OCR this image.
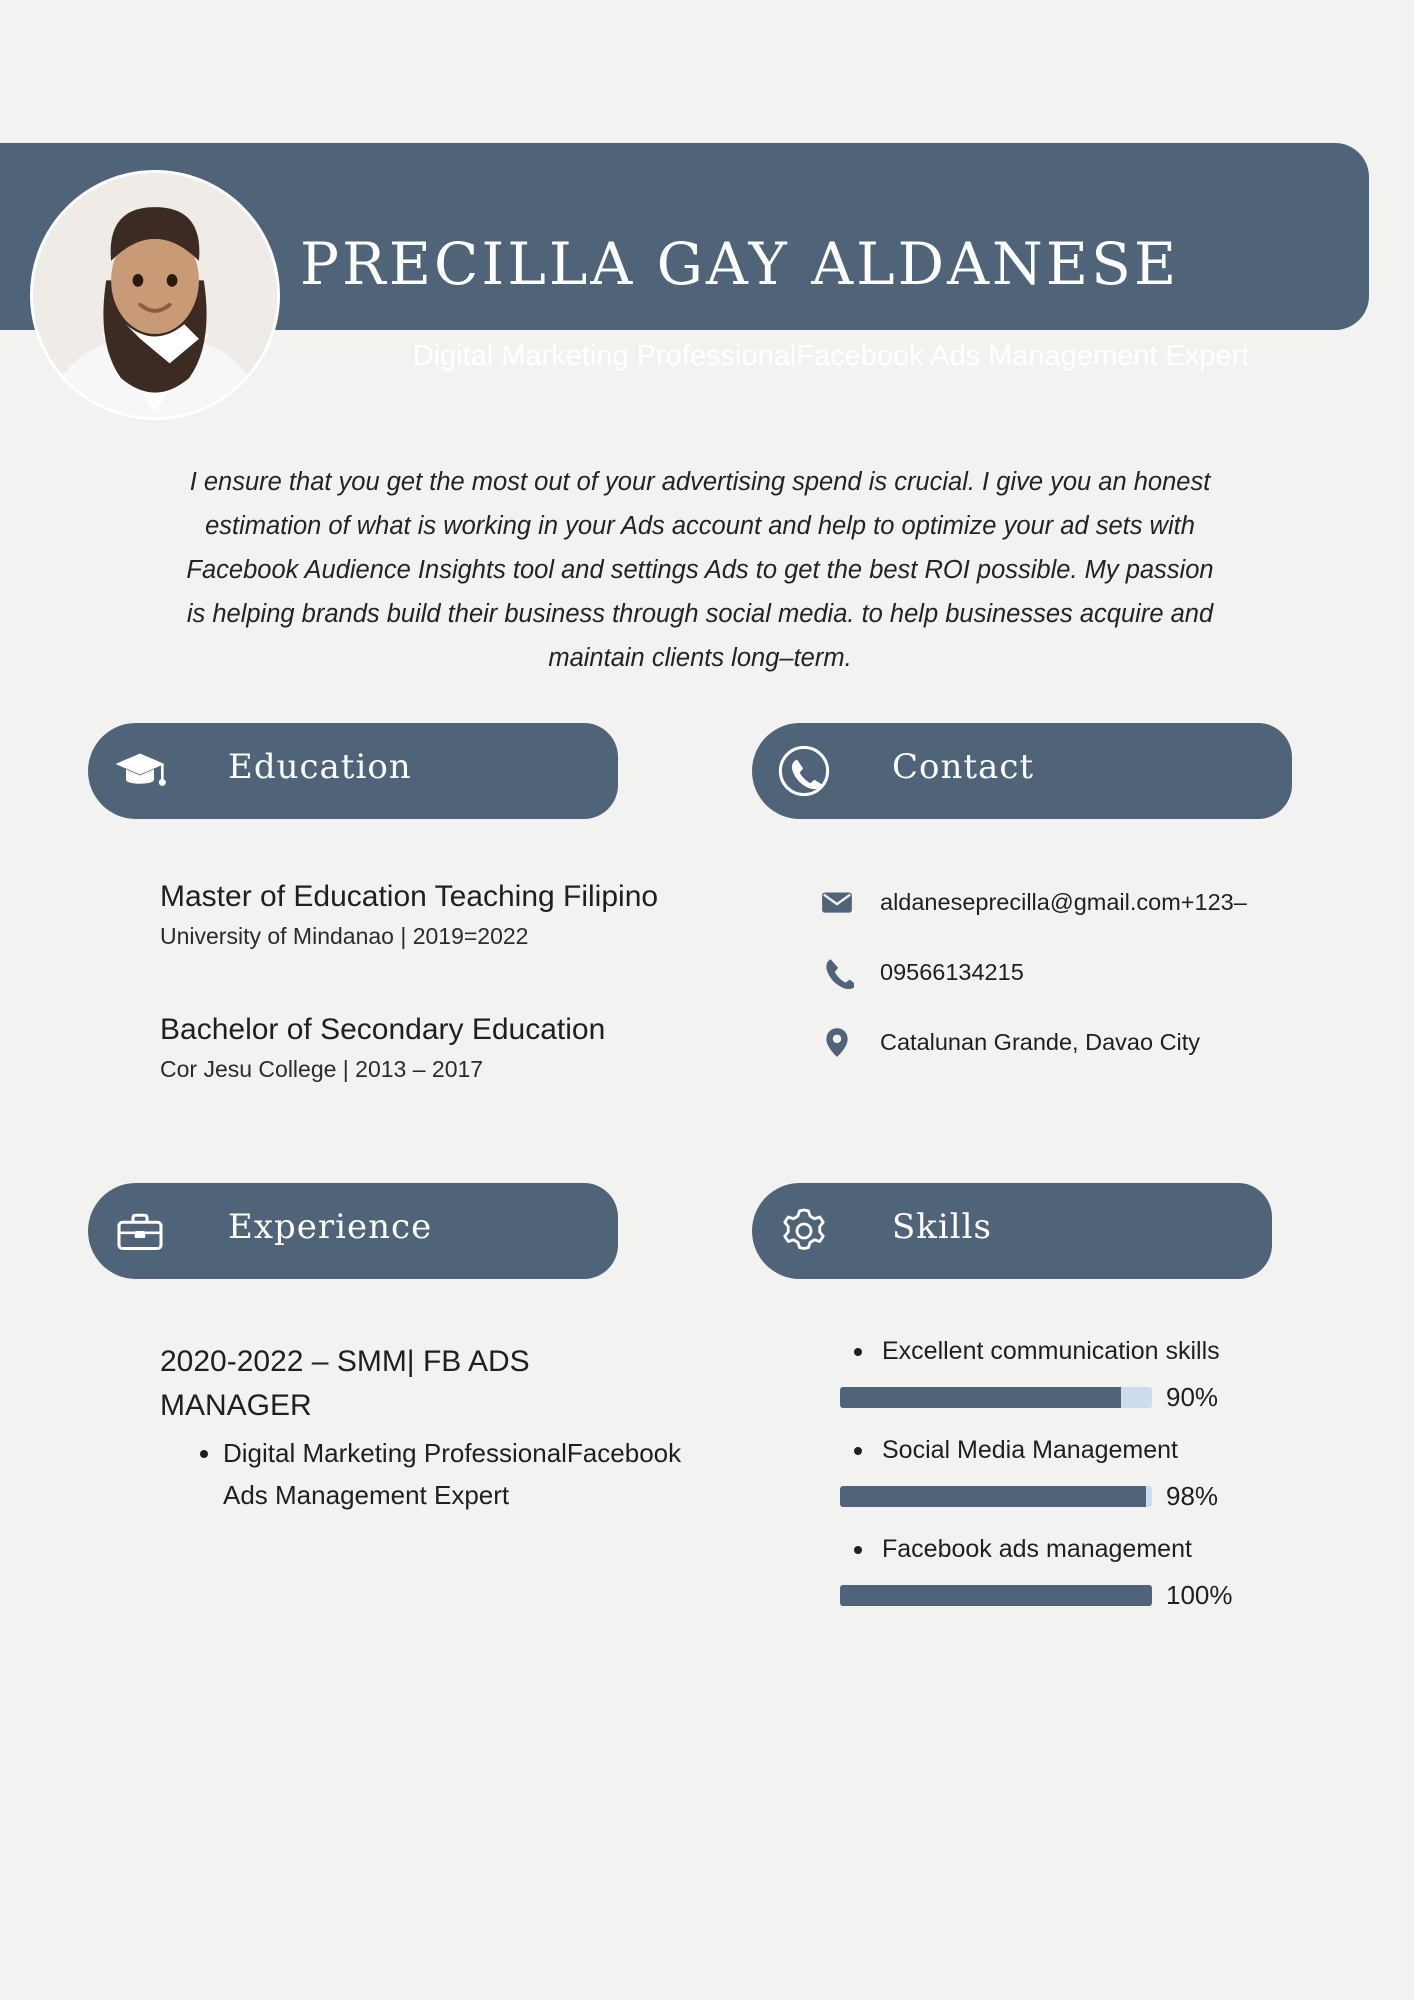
PRECILLA GAY ALDANESE
Digital Marketing ProfessionalFacebook Ads Management Expert
I ensure that you get the most out of your advertising spend is crucial. I give you an honest estimation of what is working in your Ads account and help to optimize your ad sets with Facebook Audience Insights tool and settings Ads to get the best ROI possible. My passion is helping brands build their business through social media. to help businesses acquire and maintain clients long–term.
Education	Contact
Master of Education Teaching Filipino
University of Mindanao | 2019=2022
Bachelor of Secondary Education
Cor Jesu College | 2013 – 2017
aldaneseprecilla@gmail.com+123–
09566134215
Catalunan Grande, Davao City
Experience	Skills
2020-2022 – SMM| FB ADS MANAGER
• Digital Marketing ProfessionalFacebook Ads Management Expert
Excellent communication skills
90%
Social Media Management
98%
Facebook ads management
100%
